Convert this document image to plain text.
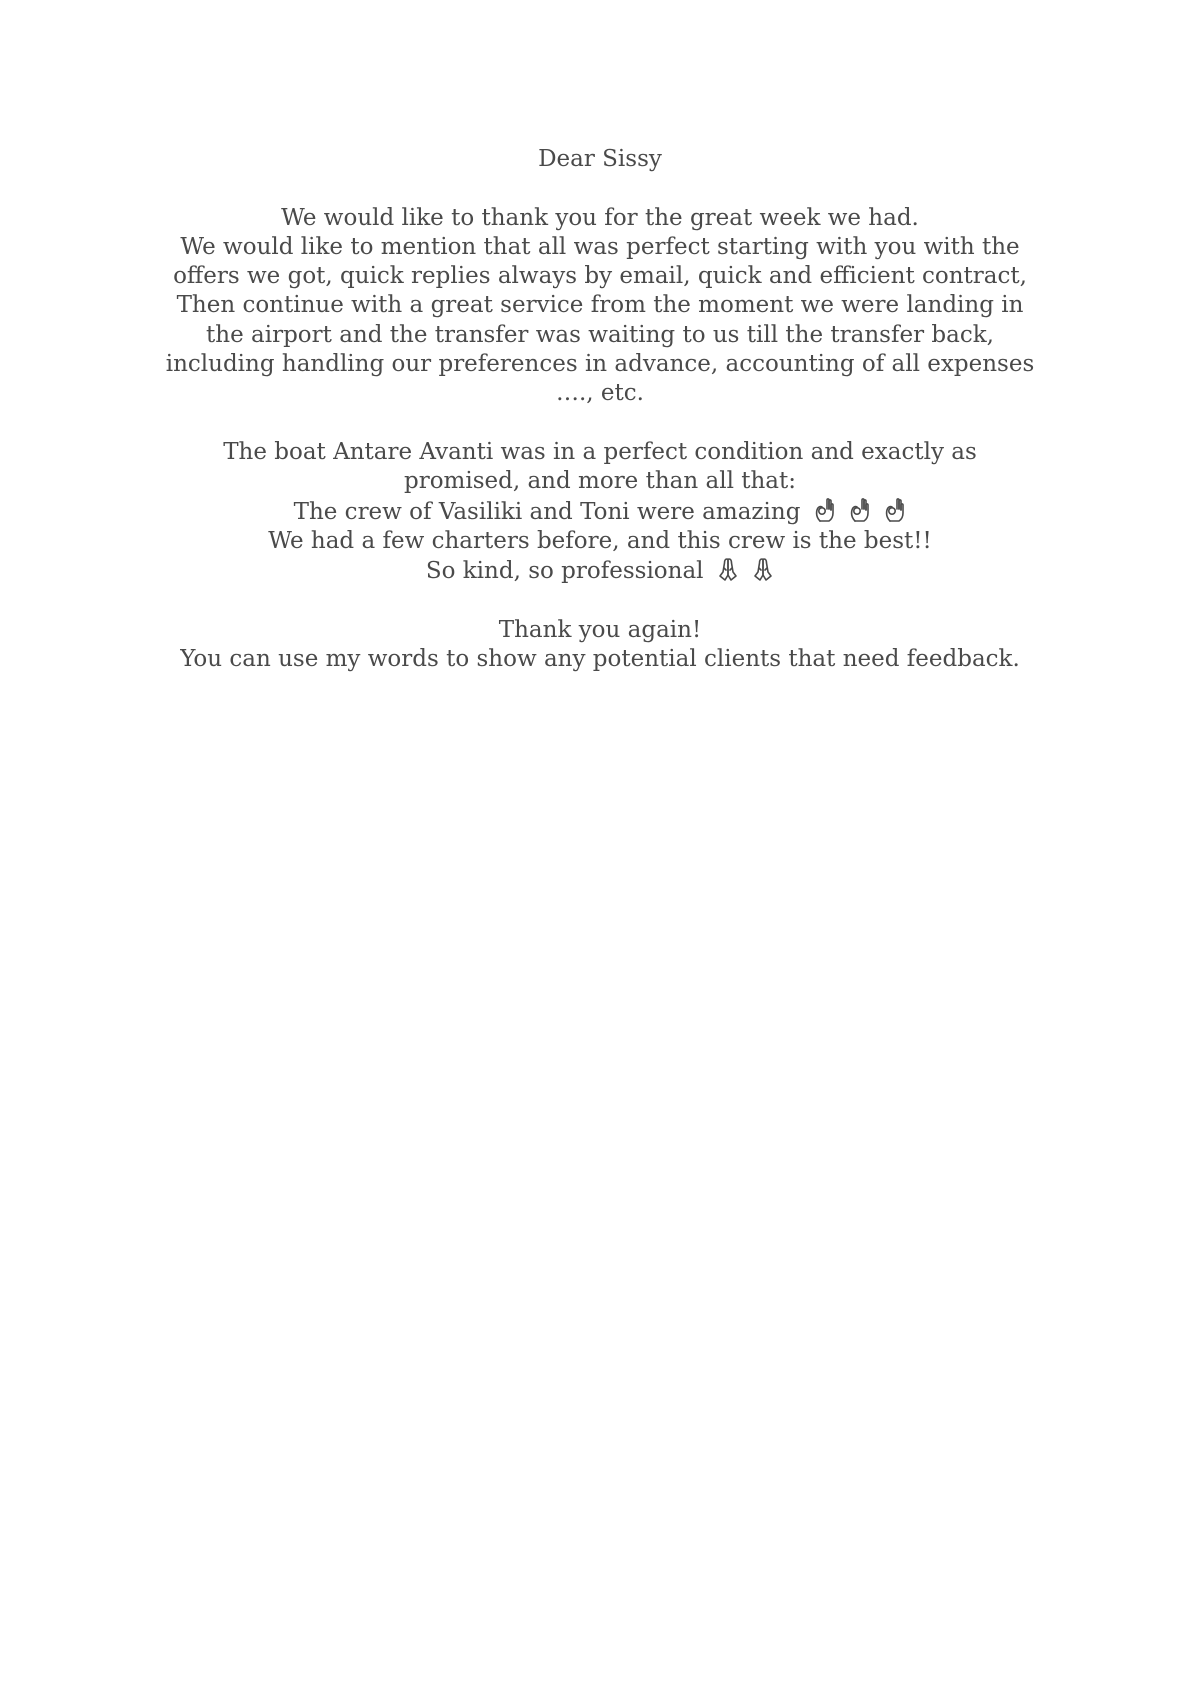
Dear Sissy

We would like to thank you for the great week we had.

We would like to mention that all was perfect starting with you with the

offers we got, quick replies always by email, quick and efficient contract,

Then continue with a great service from the moment we were landing in

the airport and the transfer was waiting to us till the transfer back,

including handling our preferences in advance, accounting of all expenses

…., etc.

The boat Antare Avanti was in a perfect condition and exactly as

promised, and more than all that:

The crew of Vasiliki and Toni were amazing

We had a few charters before, and this crew is the best!!

So kind, so professional

Thank you again!

You can use my words to show any potential clients that need feedback.
